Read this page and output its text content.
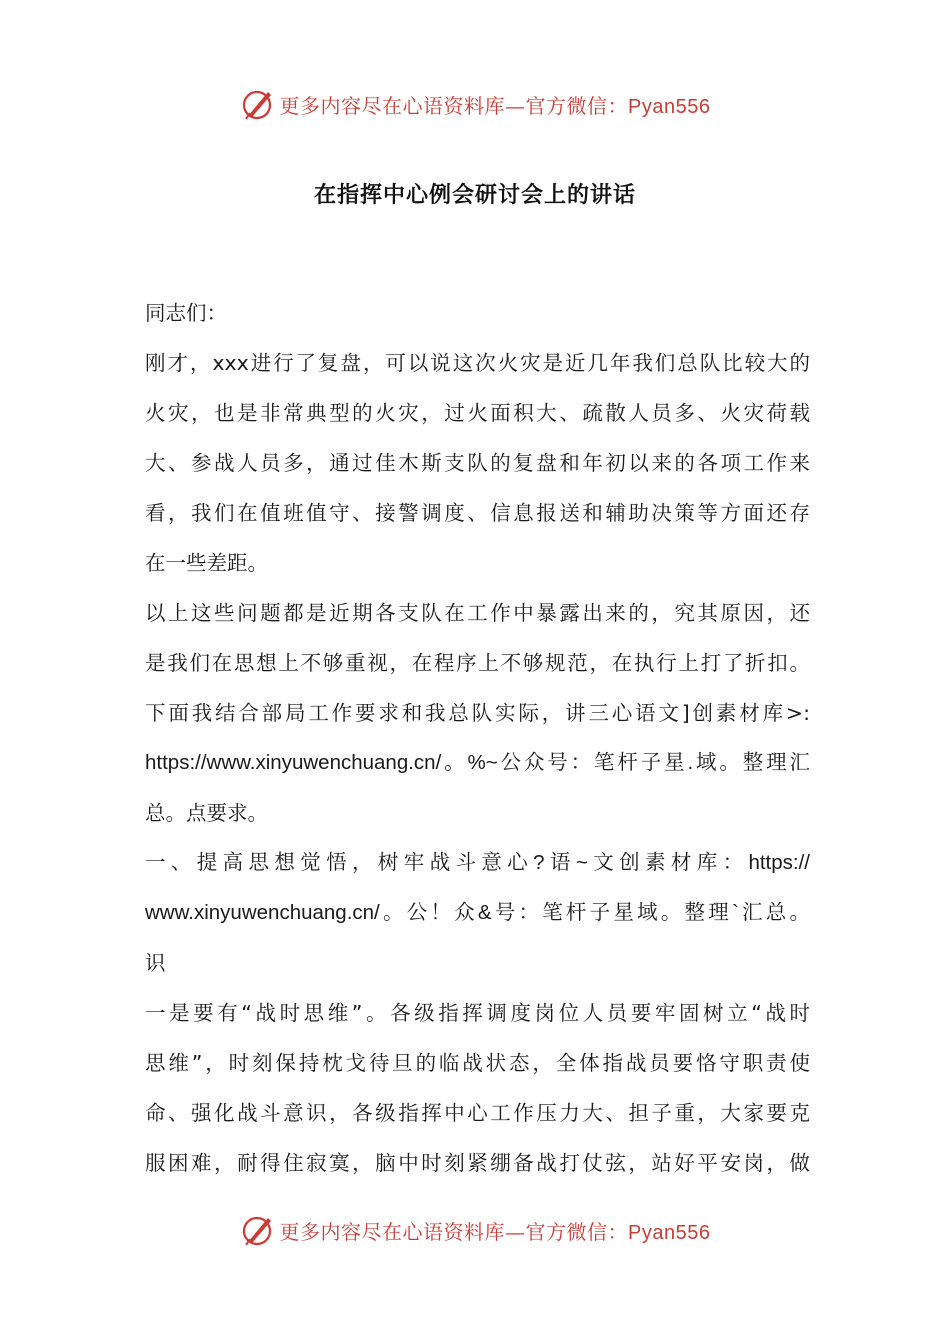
更多内容尽在心语资料库—官方微信：Pyan556
在指挥中心例会研讨会上的讲话
同志们：
刚才，xxx进行了复盘，可以说这次火灾是近几年我们总队比较大的
火灾，也是非常典型的火灾，过火面积大、疏散人员多、火灾荷载
大、参战人员多，通过佳木斯支队的复盘和年初以来的各项工作来
看，我们在值班值守、接警调度、信息报送和辅助决策等方面还存
在一些差距。
以上这些问题都是近期各支队在工作中暴露出来的，究其原因，还
是我们在思想上不够重视，在程序上不够规范，在执行上打了折扣。
下面我结合部局工作要求和我总队实际，讲三心语文]创素材库>:
https://www.xinyuwenchuang.cn/。%~公众号：笔杆子星.域。整理汇
总。点要求。
一、提高思想觉悟，树牢战斗意心?语~文创素材库：https://
www.xinyuwenchuang.cn/。公！众&号：笔杆子星域。整理`汇总。
识
一是要有“战时思维”。各级指挥调度岗位人员要牢固树立“战时
思维”，时刻保持枕戈待旦的临战状态，全体指战员要恪守职责使
命、强化战斗意识，各级指挥中心工作压力大、担子重，大家要克
服困难，耐得住寂寞，脑中时刻紧绷备战打仗弦，站好平安岗，做
更多内容尽在心语资料库—官方微信：Pyan556
